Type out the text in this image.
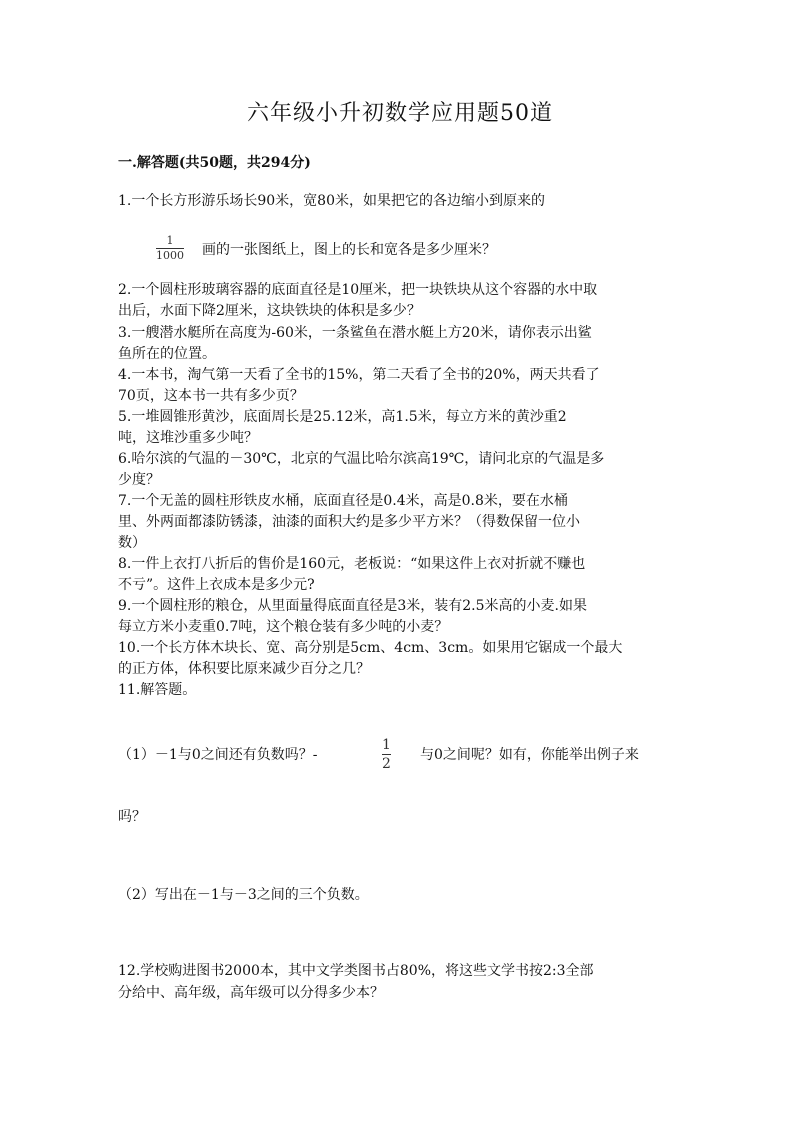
六年级小升初数学应用题50道
一.解答题(共50题，共294分)
1.一个长方形游乐场长90米，宽80米，如果把它的各边缩小到原来的
1
1000 画的一张图纸上，图上的长和宽各是多少厘米？
2.一个圆柱形玻璃容器的底面直径是10厘米，把一块铁块从这个容器的水中取
出后，水面下降2厘米，这块铁块的体积是多少？
3.一艘潜水艇所在高度为-60米，一条鲨鱼在潜水艇上方20米，请你表示出鲨
鱼所在的位置。
4.一本书，淘气第一天看了全书的15%，第二天看了全书的20%，两天共看了
70页，这本书一共有多少页？
5.一堆圆锥形黄沙，底面周长是25.12米，高1.5米，每立方米的黄沙重2
吨，这堆沙重多少吨？
6.哈尔滨的气温的－30℃，北京的气温比哈尔滨高19℃，请问北京的气温是多
少度？
7.一个无盖的圆柱形铁皮水桶，底面直径是0.4米，高是0.8米，要在水桶
里、外两面都漆防锈漆，油漆的面积大约是多少平方米？（得数保留一位小
数）
8.一件上衣打八折后的售价是160元，老板说：“如果这件上衣对折就不赚也
不亏”。这件上衣成本是多少元?
9.一个圆柱形的粮仓，从里面量得底面直径是3米，装有2.5米高的小麦.如果
每立方米小麦重0.7吨，这个粮仓装有多少吨的小麦？
10.一个长方体木块长、宽、高分别是5cm、4cm、3cm。如果用它锯成一个最大
的正方体，体积要比原来减少百分之几？
11.解答题。
（1）－1与0之间还有负数吗？-
1
2
与0之间呢？如有，你能举出例子来
吗？
（2）写出在－1与－3之间的三个负数。
12.学校购进图书2000本，其中文学类图书占80%，将这些文学书按2:3全部
分给中、高年级，高年级可以分得多少本？
